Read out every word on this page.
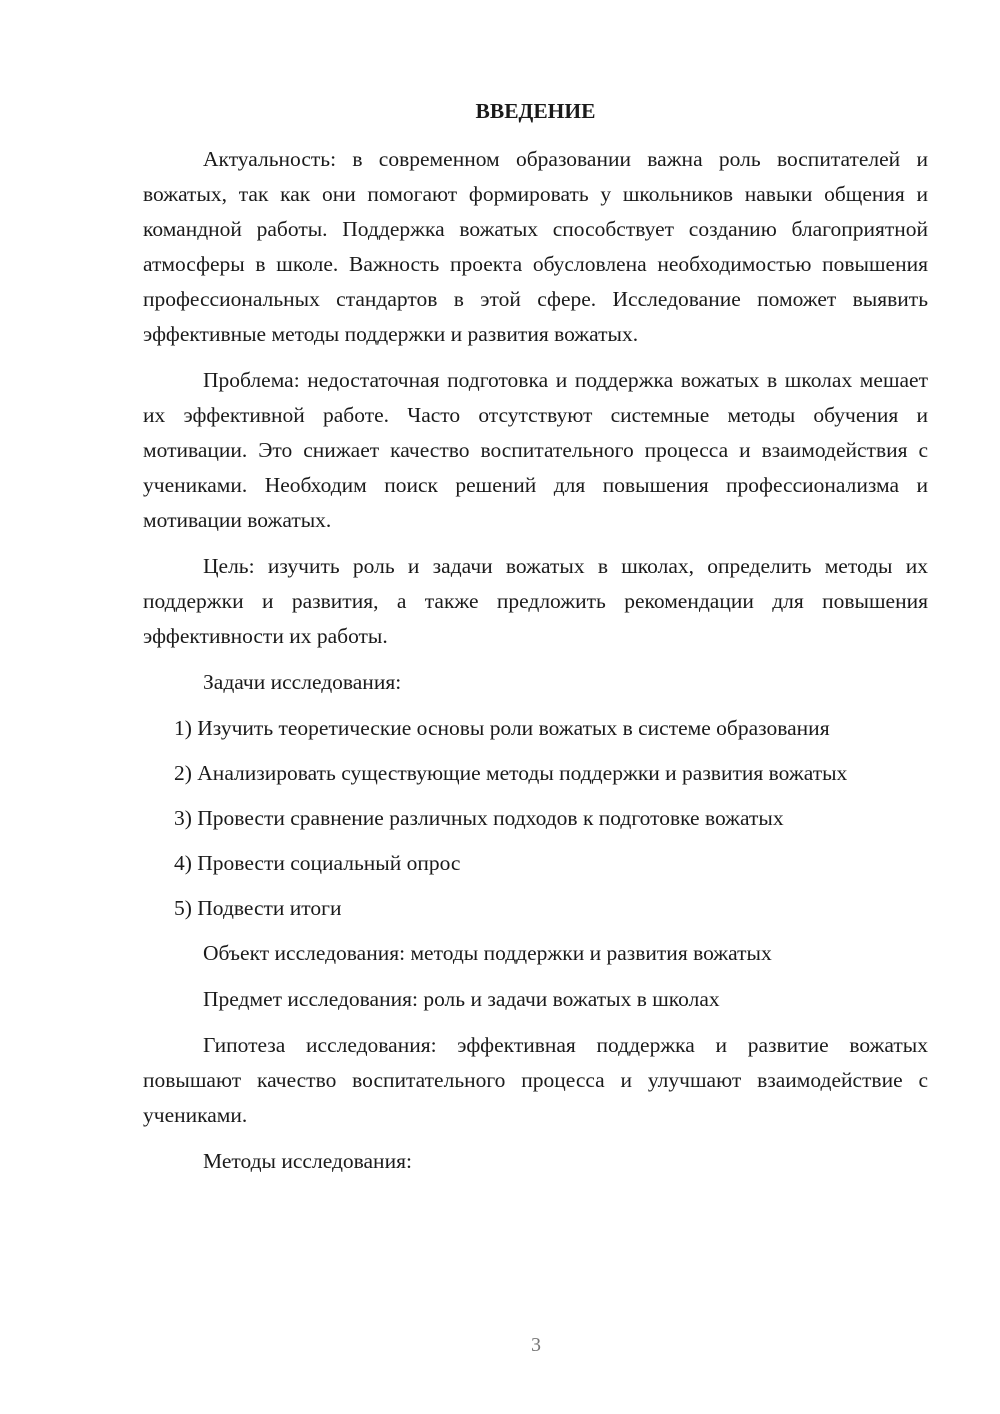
ВВЕДЕНИЕ

Актуальность: в современном образовании важна роль воспитателей и вожатых, так как они помогают формировать у школьников навыки общения и командной работы. Поддержка вожатых способствует созданию благоприятной атмосферы в школе. Важность проекта обусловлена необходимостью повышения профессиональных стандартов в этой сфере. Исследование поможет выявить эффективные методы поддержки и развития вожатых.

Проблема: недостаточная подготовка и поддержка вожатых в школах мешает их эффективной работе. Часто отсутствуют системные методы обучения и мотивации. Это снижает качество воспитательного процесса и взаимодействия с учениками. Необходим поиск решений для повышения профессионализма и мотивации вожатых.

Цель: изучить роль и задачи вожатых в школах, определить методы их поддержки и развития, а также предложить рекомендации для повышения эффективности их работы.

Задачи исследования:

1) Изучить теоретические основы роли вожатых в системе образования

2) Анализировать существующие методы поддержки и развития вожатых

3) Провести сравнение различных подходов к подготовке вожатых

4) Провести социальный опрос

5) Подвести итоги

Объект исследования: методы поддержки и развития вожатых

Предмет исследования: роль и задачи вожатых в школах

Гипотеза исследования: эффективная поддержка и развитие вожатых повышают качество воспитательного процесса и улучшают взаимодействие с учениками.

Методы исследования:

3
